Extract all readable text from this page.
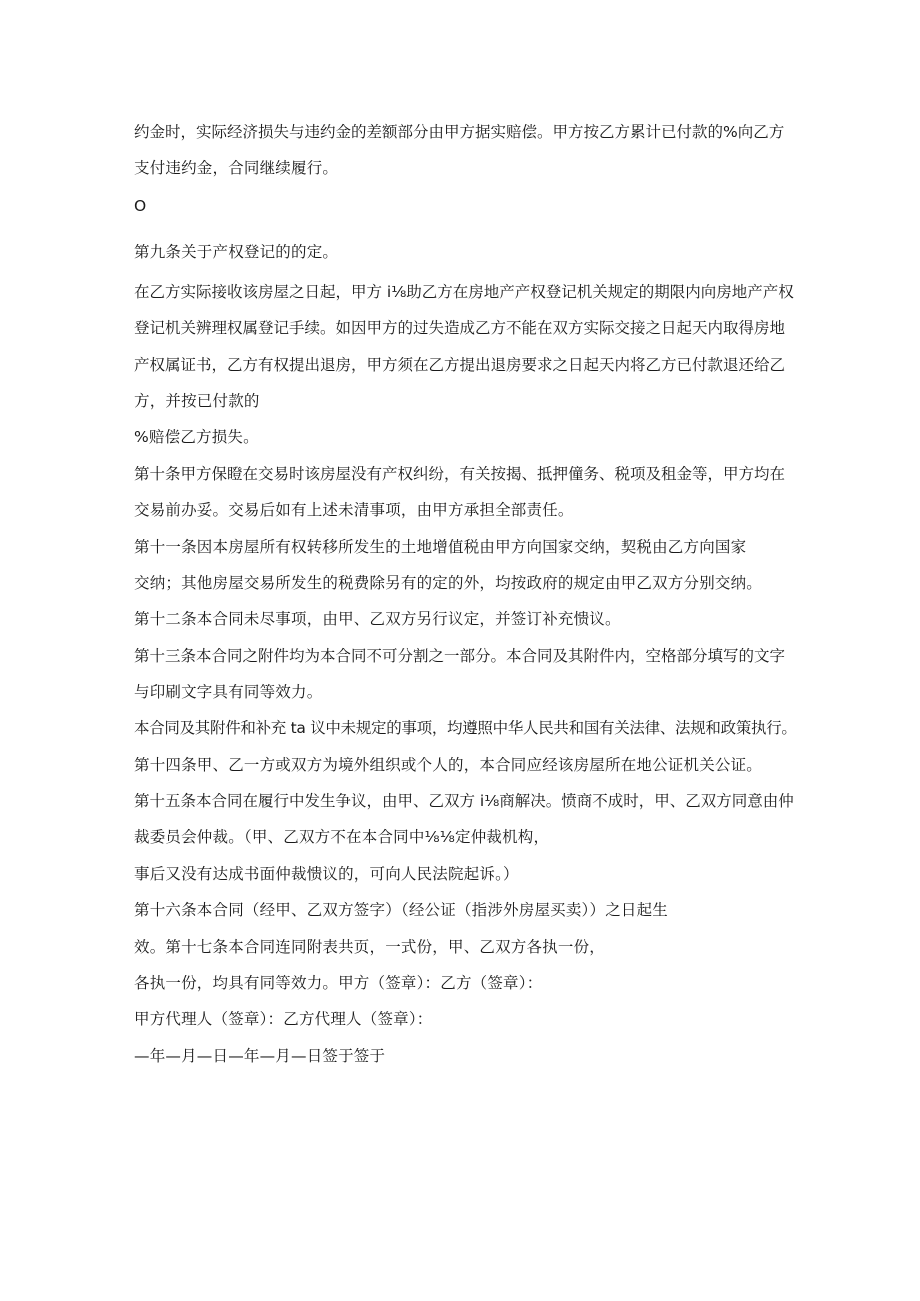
约金时，实际经济损失与违约金的差额部分由甲方据实赔偿。甲方按乙方累计已付款的%向乙方
支付违约金，合同继续履行。
O
第九条关于产权登记的的定。
在乙方实际接收该房屋之日起，甲方 i⅛助乙方在房地产产权登记机关规定的期限内向房地产产权
登记机关辨理权属登记手续。如因甲方的过失造成乙方不能在双方实际交接之日起天内取得房地
产权属证书，乙方有权提出退房，甲方须在乙方提出退房要求之日起天内将乙方已付款退还给乙
方，并按已付款的
%赔偿乙方损失。
第十条甲方保瞪在交易时该房屋没有产权纠纷，有关按揭、抵押僮务、税项及租金等，甲方均在
交易前办妥。交易后如有上述未清事项，由甲方承担全部责任。
第十一条因本房屋所有权转移所发生的土地增值税由甲方向国家交纳，契税由乙方向国家
交纳；其他房屋交易所发生的税费除另有的定的外，均按政府的规定由甲乙双方分别交纳。
第十二条本合同未尽事项，由甲、乙双方另行议定，并签订补充愦议。
第十三条本合同之附件均为本合同不可分割之一部分。本合同及其附件内，空格部分填写的文字
与印刷文字具有同等效力。
本合同及其附件和补充 ta 议中未规定的事项，均遵照中华人民共和国有关法律、法规和政策执行。
第十四条甲、乙一方或双方为境外组织或个人的，本合同应经该房屋所在地公证机关公证。
第十五条本合同在履行中发生争议，由甲、乙双方 i⅛商解决。愤商不成时，甲、乙双方同意由仲
裁委员会仲裁。（甲、乙双方不在本合同中⅛⅛定仲裁机构，
事后又没有达成书面仲裁愦议的，可向人民法院起诉。）
第十六条本合同（经甲、乙双方签字）（经公证（指涉外房屋买卖））之日起生
效。第十七条本合同连同附表共页，一式份，甲、乙双方各执一份，
各执一份，均具有同等效力。甲方（签章）：乙方（签章）：
甲方代理人（签章）：乙方代理人（签章）：
—年—月—日—年—月—日签于签于
